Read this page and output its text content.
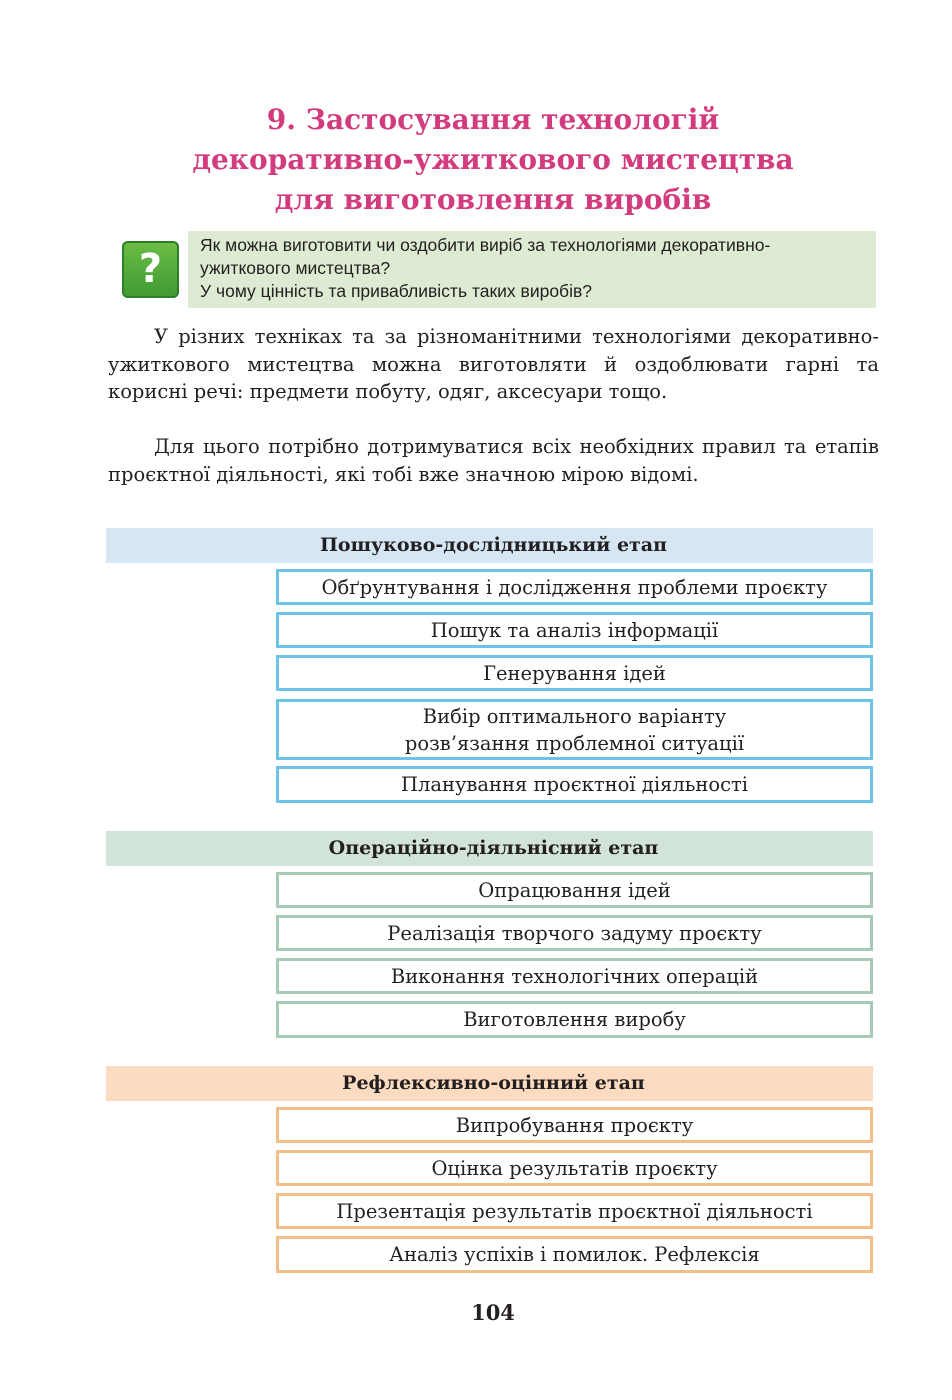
9. Застосування технологій
декоративно-ужиткового мистецтва
для виготовлення виробів
?

Як можна виготовити чи оздобити виріб за технологіями декоративно-

ужиткового мистецтва?

У чому цінність та привабливість таких виробів?

У різних техніках та за різноманітними технологіями декоративно-ужиткового мистецтва можна виготовляти й оздоблювати гарні та корисні речі: предмети побуту, одяг, аксесуари тощо.

Для цього потрібно дотримуватися всіх необхідних правил та етапів проєктної діяльності, які тобі вже значною мірою відомі.

Пошуково-дослідницький етап
Обґрунтування і дослідження проблеми проєкту
Пошук та аналіз інформації
Генерування ідей
Вибір оптимального варіанту
розв’язання проблемної ситуації
Планування проєктної діяльності
Операційно-діяльнісний етап
Опрацювання ідей
Реалізація творчого задуму проєкту
Виконання технологічних операцій
Виготовлення виробу
Рефлексивно-оцінний етап
Випробування проєкту
Оцінка результатів проєкту
Презентація результатів проєктної діяльності
Аналіз успіхів і помилок. Рефлексія
104
